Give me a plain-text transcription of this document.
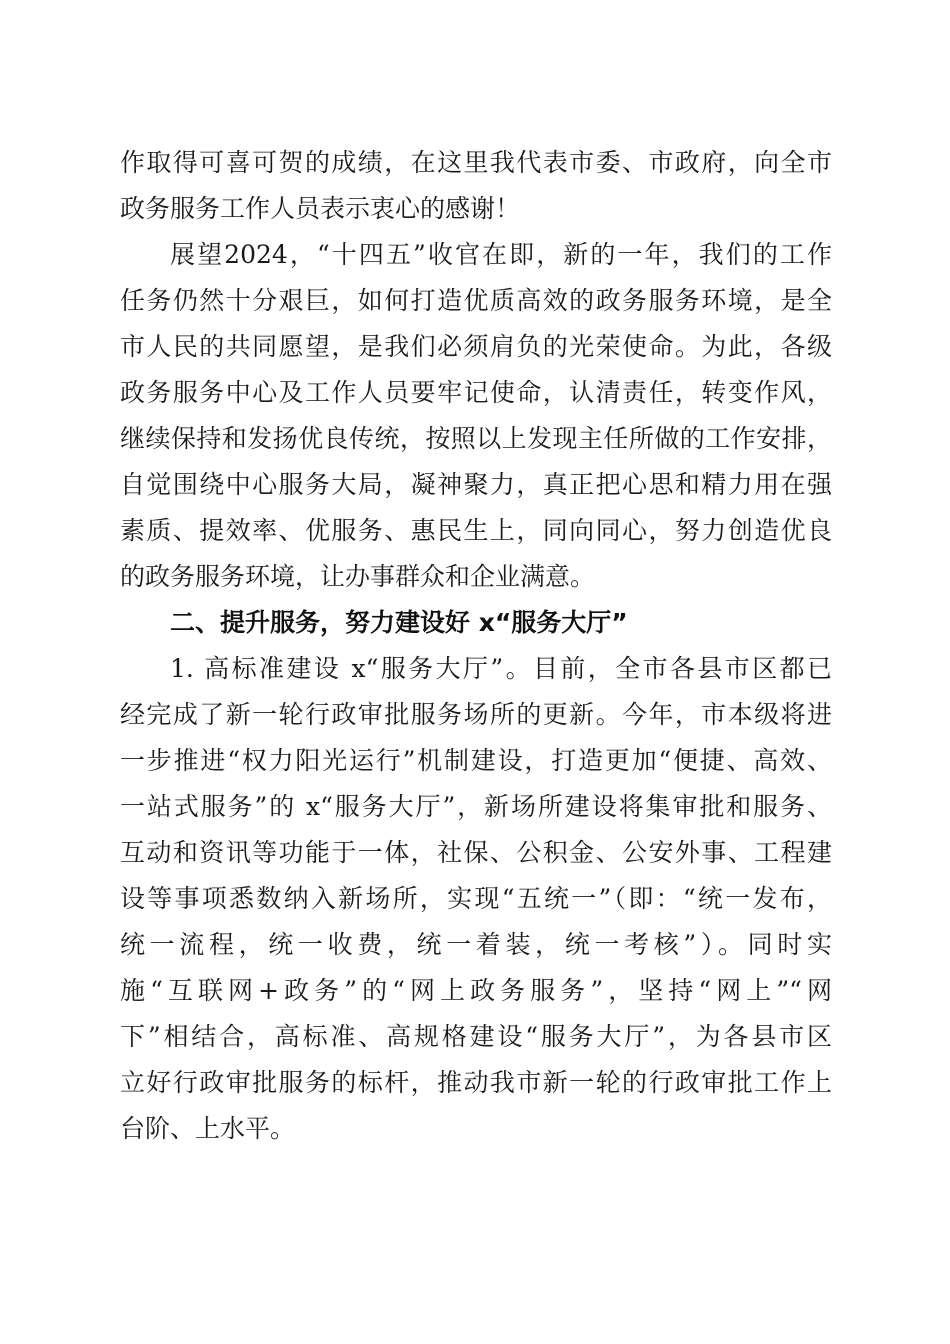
作取得可喜可贺的成绩，在这里我代表市委、市政府，向全市
政务服务工作人员表示衷心的感谢！
展望2024，“十四五”收官在即，新的一年，我们的工作
任务仍然十分艰巨，如何打造优质高效的政务服务环境，是全
市人民的共同愿望，是我们必须肩负的光荣使命。为此，各级
政务服务中心及工作人员要牢记使命，认清责任，转变作风，
继续保持和发扬优良传统，按照以上发现主任所做的工作安排，
自觉围绕中心服务大局，凝神聚力，真正把心思和精力用在强
素质、提效率、优服务、惠民生上，同向同心，努力创造优良
的政务服务环境，让办事群众和企业满意。
二、提升服务，努力建设好 x“服务大厅”
1. 高标准建设 x“服务大厅”。目前，全市各县市区都已
经完成了新一轮行政审批服务场所的更新。今年，市本级将进
一步推进“权力阳光运行”机制建设，打造更加“便捷、高效、
一站式服务”的 x“服务大厅”，新场所建设将集审批和服务、
互动和资讯等功能于一体，社保、公积金、公安外事、工程建
设等事项悉数纳入新场所，实现“五统一”（即：“统一发布，
统一流程，统一收费，统一着装，统一考核”）。同时实
施“互联网+政务”的“网上政务服务”，坚持“网上”“网
下”相结合，高标准、高规格建设“服务大厅”，为各县市区
立好行政审批服务的标杆，推动我市新一轮的行政审批工作上
台阶、上水平。
